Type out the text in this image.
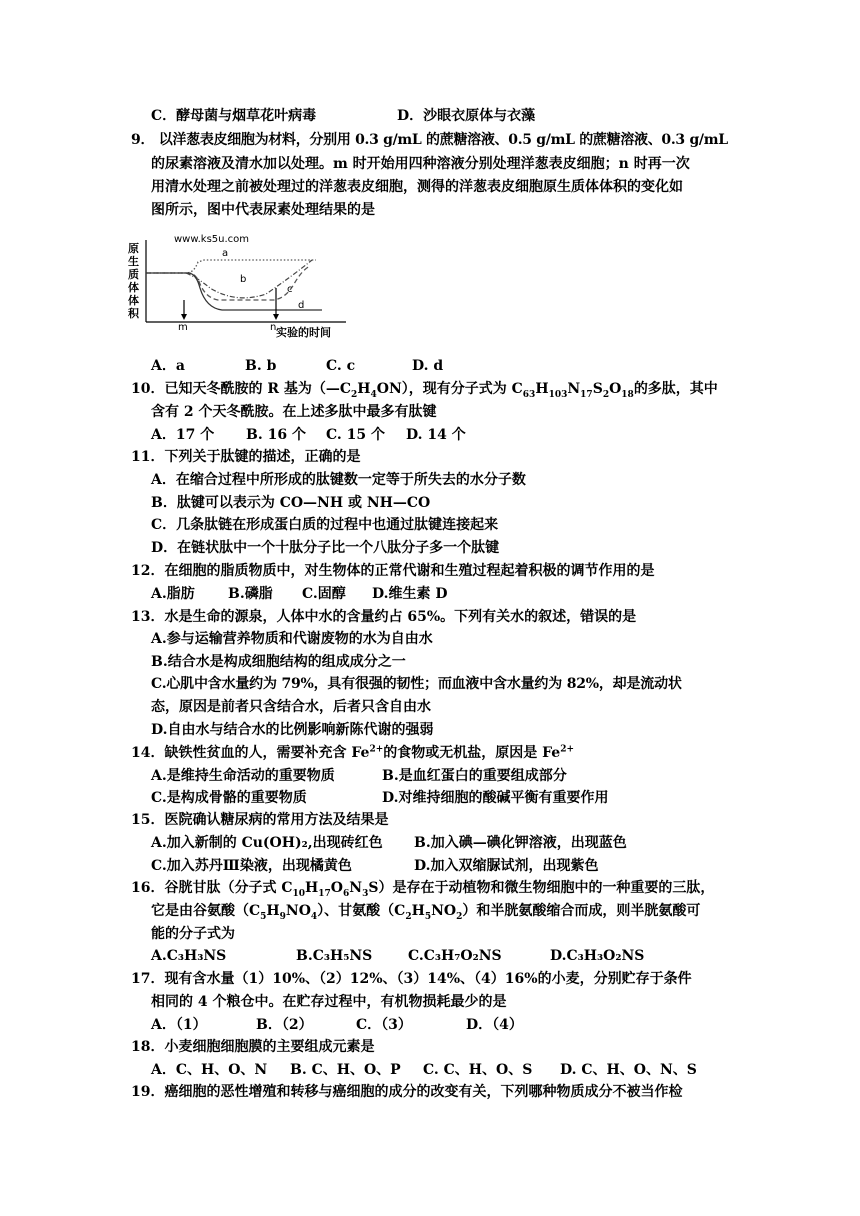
C．酵母菌与烟草花叶病毒	D．沙眼衣原体与衣藻
9． 以洋葱表皮细胞为材料，分别用 0.3 g/mL 的蔗糖溶液、0.5 g/mL 的蔗糖溶液、0.3 g/mL
的尿素溶液及清水加以处理。m 时开始用四种溶液分别处理洋葱表皮细胞；n 时再一次
用清水处理之前被处理过的洋葱表皮细胞，测得的洋葱表皮细胞原生质体体积的变化如
图所示，图中代表尿素处理结果的是
www.ks5u.com
原
生
质
体
体
积
a
b
c
d
m	n 实验的时间
A．a	B. b	C. c	D. d
10．已知天冬酰胺的 R 基为$(—C_2H_4ON)$，现有分子式为 $C_{63}H_{103}N_{17}S_2O_{18}$的多肽，其中
含有 2 个天冬酰胺。在上述多肽中最多有肽键
A．17 个 B. 16 个 C. 15 个 D. 14 个
11．下列关于肽键的描述，正确的是
A．在缩合过程中所形成的肽键数一定等于所失去的水分子数
B．肽键可以表示为 CO—NH 或 NH—CO
C．几条肽链在形成蛋白质的过程中也通过肽键连接起来
D．在链状肽中一个十肽分子比一个八肽分子多一个肽键
12．在细胞的脂质物质中，对生物体的正常代谢和生殖过程起着积极的调节作用的是
A.脂肪 B.磷脂 C.固醇 D.维生素 D
13．水是生命的源泉，人体中水的含量约占 65%。下列有关水的叙述，错误的是
A.参与运输营养物质和代谢废物的水为自由水
B.结合水是构成细胞结构的组成成分之一
C.心肌中含水量约为 79%，具有很强的韧性；而血液中含水量约为 82%，却是流动状
态，原因是前者只含结合水，后者只含自由水
D.自由水与结合水的比例影响新陈代谢的强弱
14．缺铁性贫血的人，需要补充含 $Fe^{2+}$的食物或无机盐，原因是 $Fe^{2+}$
A.是维持生命活动的重要物质	B.是血红蛋白的重要组成部分
C.是构成骨骼的重要物质	D.对维持细胞的酸碱平衡有重要作用
15．医院确认糖尿病的常用方法及结果是
A.加入新制的 Cu(OH)₂,出现砖红色 B.加入碘—碘化钾溶液，出现蓝色
C.加入苏丹Ⅲ染液，出现橘黄色	D.加入双缩脲试剂，出现紫色
16．谷胱甘肽（分子式 $C_{10}H_{17}O_6N_3S$）是存在于动植物和微生物细胞中的一种重要的三肽，
它是由谷氨酸$(C_5H_9NO_4)$、甘氨酸$(C_2H_5NO_2)$和半胱氨酸缩合而成，则半胱氨酸可
能的分子式为
A.C₃H₃NS	B.C₃H₅NS	C.C₃H₇O₂NS	D.C₃H₃O₂NS
17．现有含水量（1）10%、（2）12%、（3）14%、（4）16%的小麦，分别贮存于条件
相同的 4 个粮仓中。在贮存过程中，有机物损耗最少的是
A．（1）	B．（2）	C．（3）	D．（4）
18．小麦细胞细胞膜的主要组成元素是
A．C、H、O、N B. C、H、O、P C. C、H、O、S D. C、H、O、N、S
19．癌细胞的恶性增殖和转移与癌细胞的成分的改变有关，下列哪种物质成分不被当作检
